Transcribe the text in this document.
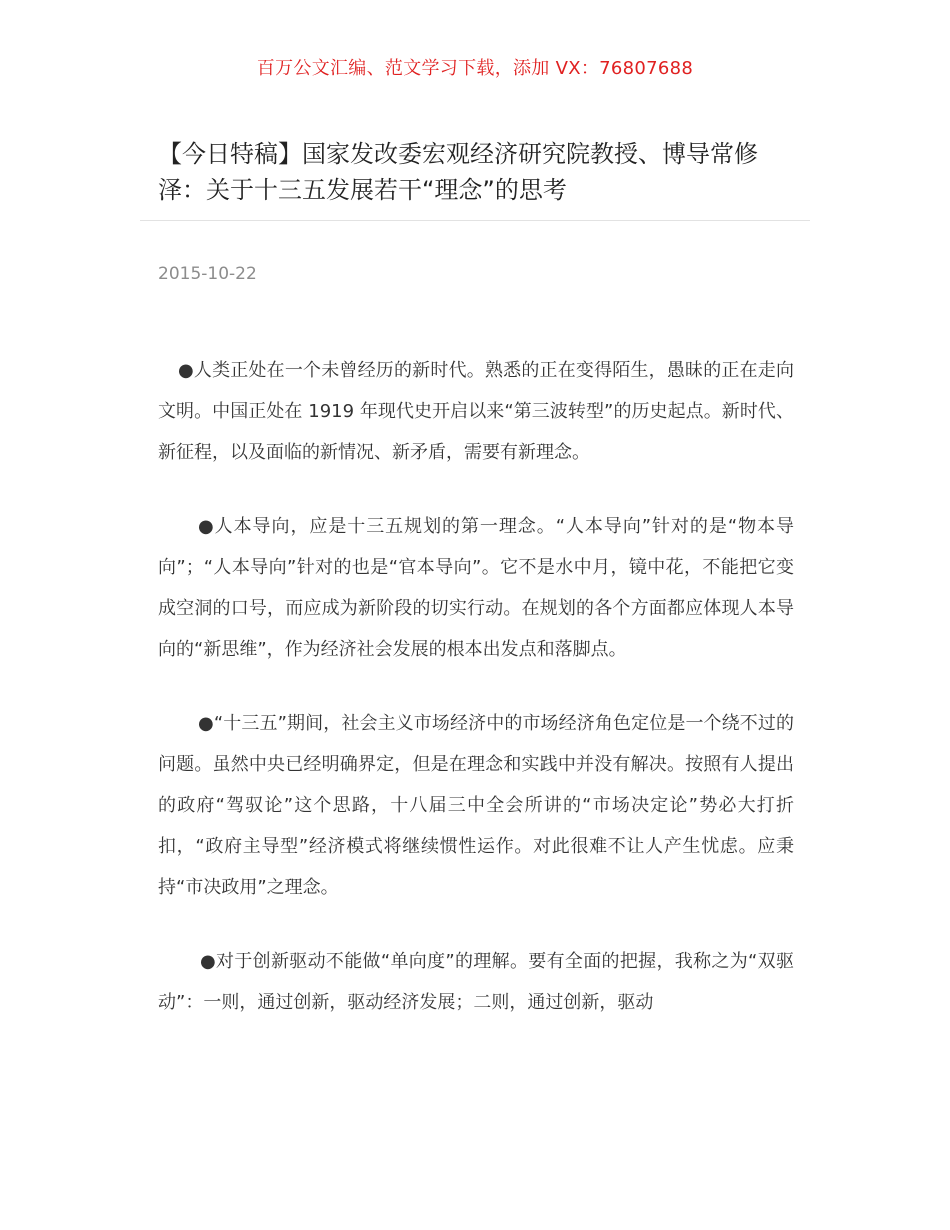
百万公文汇编、范文学习下载，添加 VX：76807688
【今日特稿】国家发改委宏观经济研究院教授、博导常修泽：关于十三五发展若干“理念”的思考
2015-10-22

●人类正处在一个未曾经历的新时代。熟悉的正在变得陌生，愚昧的正在走向文明。中国正处在 1919 年现代史开启以来“第三波转型”的历史起点。新时代、新征程，以及面临的新情况、新矛盾，需要有新理念。

●人本导向，应是十三五规划的第一理念。“人本导向”针对的是“物本导向”；“人本导向”针对的也是“官本导向”。它不是水中月，镜中花，不能把它变成空洞的口号，而应成为新阶段的切实行动。在规划的各个方面都应体现人本导向的“新思维”，作为经济社会发展的根本出发点和落脚点。

●“十三五”期间，社会主义市场经济中的市场经济角色定位是一个绕不过的问题。虽然中央已经明确界定，但是在理念和实践中并没有解决。按照有人提出的政府“驾驭论”这个思路，十八届三中全会所讲的“市场决定论”势必大打折扣，“政府主导型”经济模式将继续惯性运作。对此很难不让人产生忧虑。应秉持“市决政用”之理念。

●对于创新驱动不能做“单向度”的理解。要有全面的把握，我称之为“双驱动”：一则，通过创新，驱动经济发展；二则，通过创新，驱动
